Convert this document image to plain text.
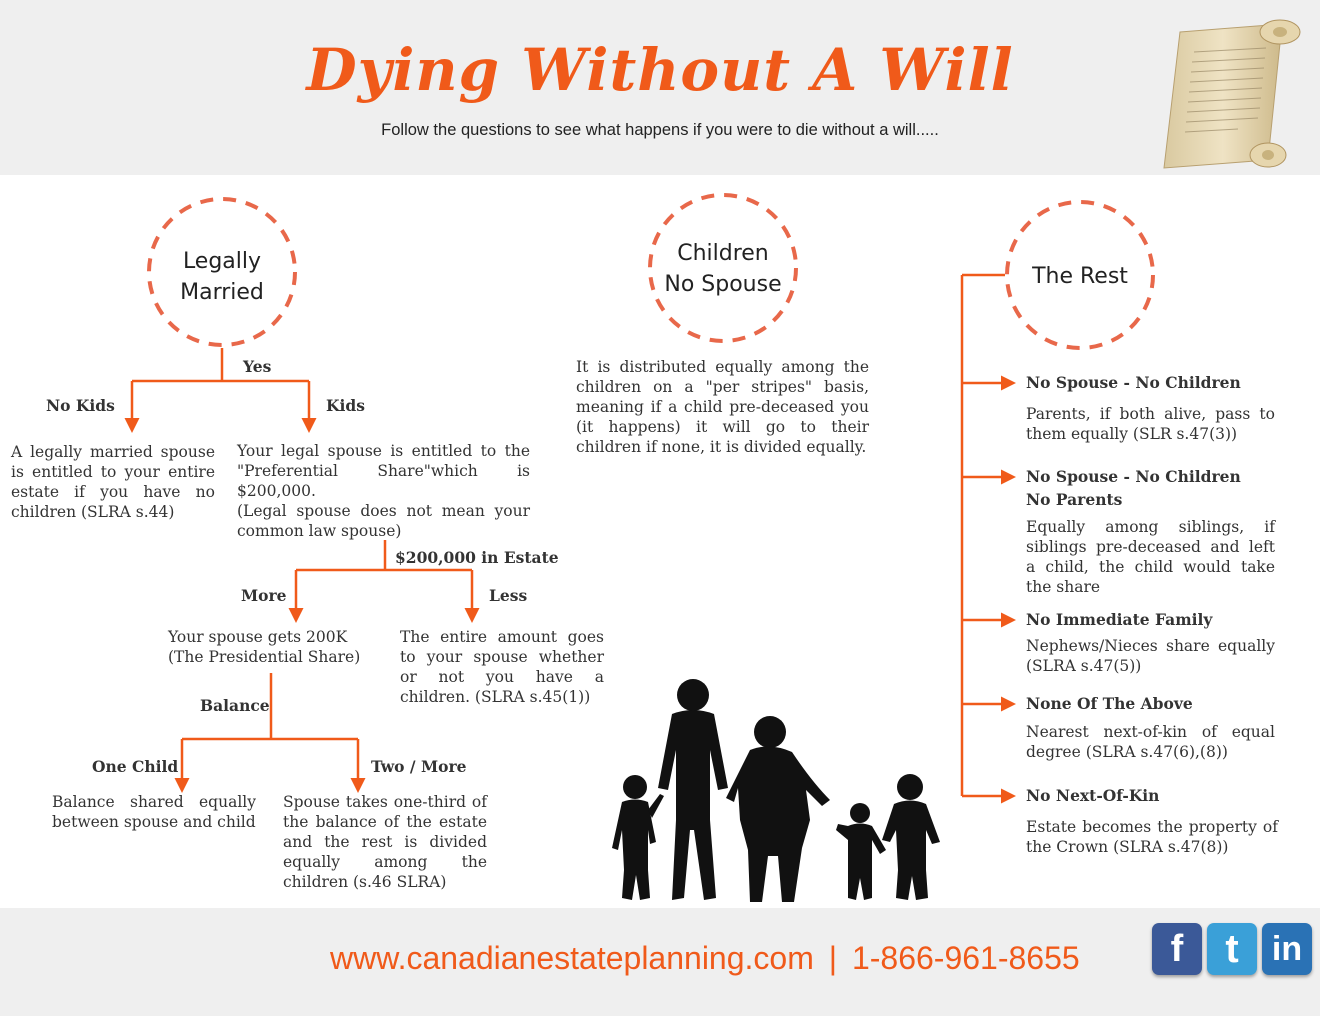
Dying Without A Will
Follow the questions to see what happens if you were to die without a will.....
Legally
Married
Children
No Spouse	The Rest
Yes
No Kids	Kids
A legally married spouse is entitled to your entire estate if you have no children (SLRA s.44)
Your legal spouse is entitled to the "Preferential Share"which is $200,000.
(Legal spouse does not mean your common law spouse)
$200,000 in Estate
More	Less
Your spouse gets 200K
(The Presidential Share)
The entire amount goes to your spouse whether or not you have a children. (SLRA s.45(1))
Balance
One Child	Two / More
Balance shared equally between spouse and child
Spouse takes one-third of the balance of the estate and the rest is divided equally among the children (s.46 SLRA)
It is distributed equally among the children on a "per stripes" basis, meaning if a child pre-deceased you (it happens) it will go to their children if none, it is divided equally.
No Spouse - No Children
Parents, if both alive, pass to them equally (SLR s.47(3))
No Spouse - No Children
No Parents
Equally among siblings, if siblings pre-deceased and left a child, the child would take the share
No Immediate Family
Nephews/Nieces share equally (SLRA s.47(5))
None Of The Above
Nearest next-of-kin of equal degree (SLRA s.47(6),(8))
No Next-Of-Kin
Estate becomes the property of the Crown (SLRA s.47(8))
www.canadianestateplanning.com | 1-866-961-8655	f	t in
